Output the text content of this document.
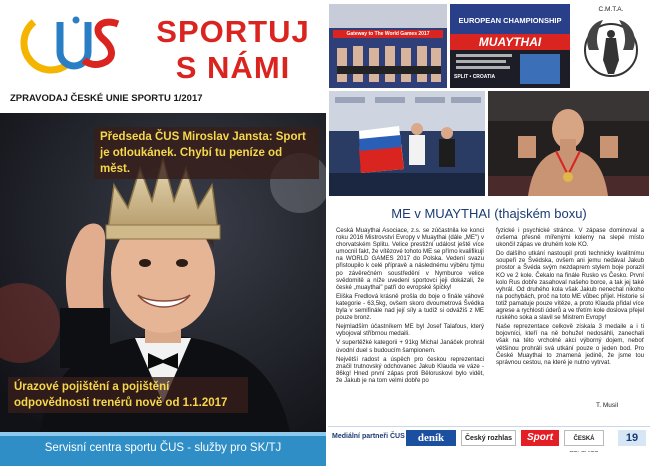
SPORTUJ
S NÁMI
ZPRAVODAJ ČESKÉ UNIE SPORTU 1/2017
Předseda ČUS Miroslav Jansta: Sport je otloukánek. Chybí tu peníze od měst.
Úrazové pojištění a pojištění odpovědnosti trenérů nově od 1.1.2017
Servisní centra sportu ČUS - služby pro SK/TJ
Gateway to The World Games 2017
EUROPEAN CHAMPIONSHIP
MUAYTHAI
SPLIT • CROATIA
C.M.T.A.
ME v MUAYTHAI (thajském boxu)

Česká Muaythai Asociace, z.s. se zúčastnila ke konci roku 2016 Mistrovství Evropy v Muaythai (dále „ME") v chorvatském Splitu. Velice prestižní událost ještě více umocnil fakt, že vítězové tohoto ME se přímo kvalifikují na WORLD GAMES 2017 do Polska. Vedení svazu přistoupilo k celé přípravě a následnému výběru týmu po závěrečném soustředění v Nymburce velice svědomitě a níže uvedení sportovci jeji dokázali, že české „muaythai" patří do evropské špičky!

Eliška Fredlová krásně prošla do boje o finále váhové kategorie - 63,5kg, ovšem skoro dvoumetrová Švédka byla v semifinále nad její síly a tudíž si odvážíš z ME pouze bronz.

Nejmladším účastníkem ME byl Josef Talafous, který vybojoval stříbrnou medaili.

V supertěžké kategorii + 91kg Michal Janáček prohrál úvodní duel s budoucím šampionem.

Největší radost a úspěch pro českou reprezentaci značil trutnovský odchovanec Jakub Klauda ve váze - 86kg! Hned první zápas proti Běloruskovi bylo vidět, že Jakub je na tom velmi dobře po

fyzické i psychické stránce. V zápase dominoval a ovšema přesně mířenými kolemy na slepé místo ukončil zápas ve druhém kole KO.

Do dalšího utkání nastoupil proti technicky kvalitnímu soupeři ze Švédska, ovšem ani jemu nedával Jakub prostor a Švéda svým nezdaprem stylem boje porazil KO ve 2 kole. Čekalo na finále Rusko vs Česko. První kolo Rus dobře zasahoval našeho borce, a tak jej také vyhrál. Od druhého kola však Jakub nenechal nikoho na pochybách, proč na toto ME vůbec přijel. Historie si totiž pamatuje pouze vítěze, a proto Klauda přidal více agrese a rychlosti úderů a ve třetím kole doslova přejel ruského soka a slavil se Mistrem Evropy!

Naše reprezentace celkově získala 3 medaile a i ti bojovníci, kteří na ně bohužel nedosáhli, zanechali však na této vrcholné akci výborný dojem, neboť většinou prohráli svá utkání pouze o jeden bod. Pro České Muaythai to znamená jedině, že jsme tou správnou cestou, na které je nutno vytrvat.

T. Musil
Mediální partneři ČUS	deník	Český rozhlas	Sport	ČESKÁ	19
